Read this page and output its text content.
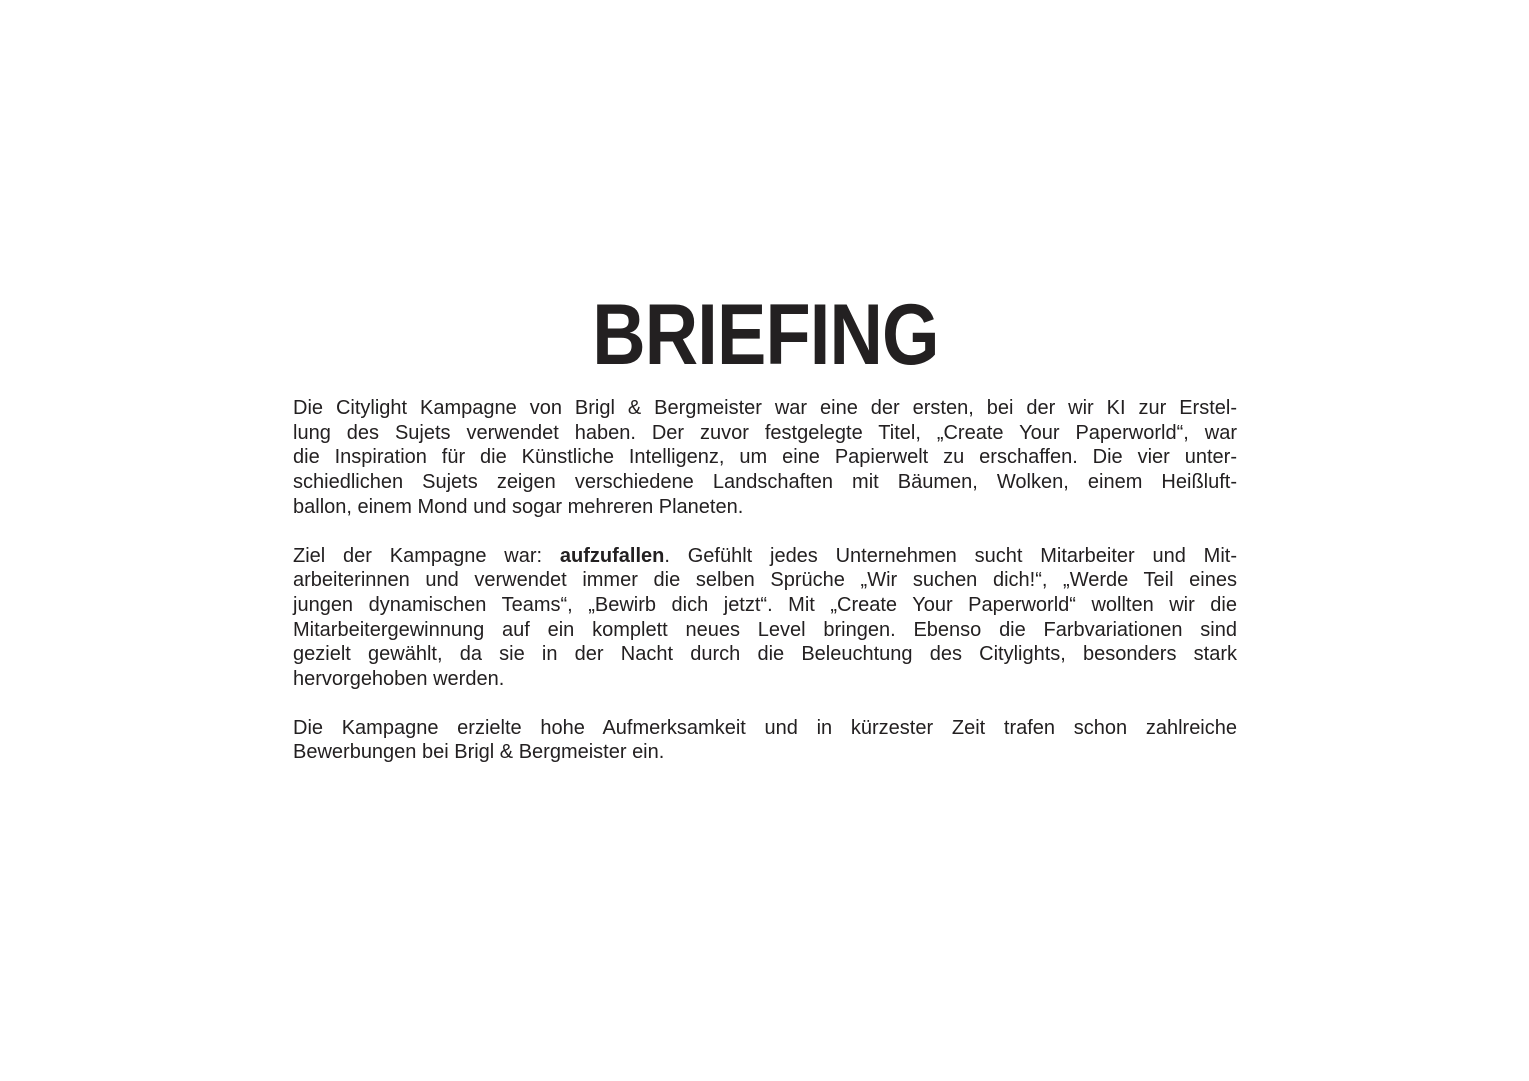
BRIEFING
Die Citylight Kampagne von Brigl & Bergmeister war eine der ersten, bei der wir KI zur Erstel-
lung des Sujets verwendet haben. Der zuvor festgelegte Titel, „Create Your Paperworld“, war
die Inspiration für die Künstliche Intelligenz, um eine Papierwelt zu erschaffen. Die vier unter-
schiedlichen Sujets zeigen verschiedene Landschaften mit Bäumen, Wolken, einem Heißluft-
ballon, einem Mond und sogar mehreren Planeten.
Ziel der Kampagne war: aufzufallen. Gefühlt jedes Unternehmen sucht Mitarbeiter und Mit-
arbeiterinnen und verwendet immer die selben Sprüche „Wir suchen dich!“, „Werde Teil eines
jungen dynamischen Teams“, „Bewirb dich jetzt“. Mit „Create Your Paperworld“ wollten wir die
Mitarbeitergewinnung auf ein komplett neues Level bringen. Ebenso die Farbvariationen sind
gezielt gewählt, da sie in der Nacht durch die Beleuchtung des Citylights, besonders stark
hervorgehoben werden.
Die Kampagne erzielte hohe Aufmerksamkeit und in kürzester Zeit trafen schon zahlreiche
Bewerbungen bei Brigl & Bergmeister ein.
